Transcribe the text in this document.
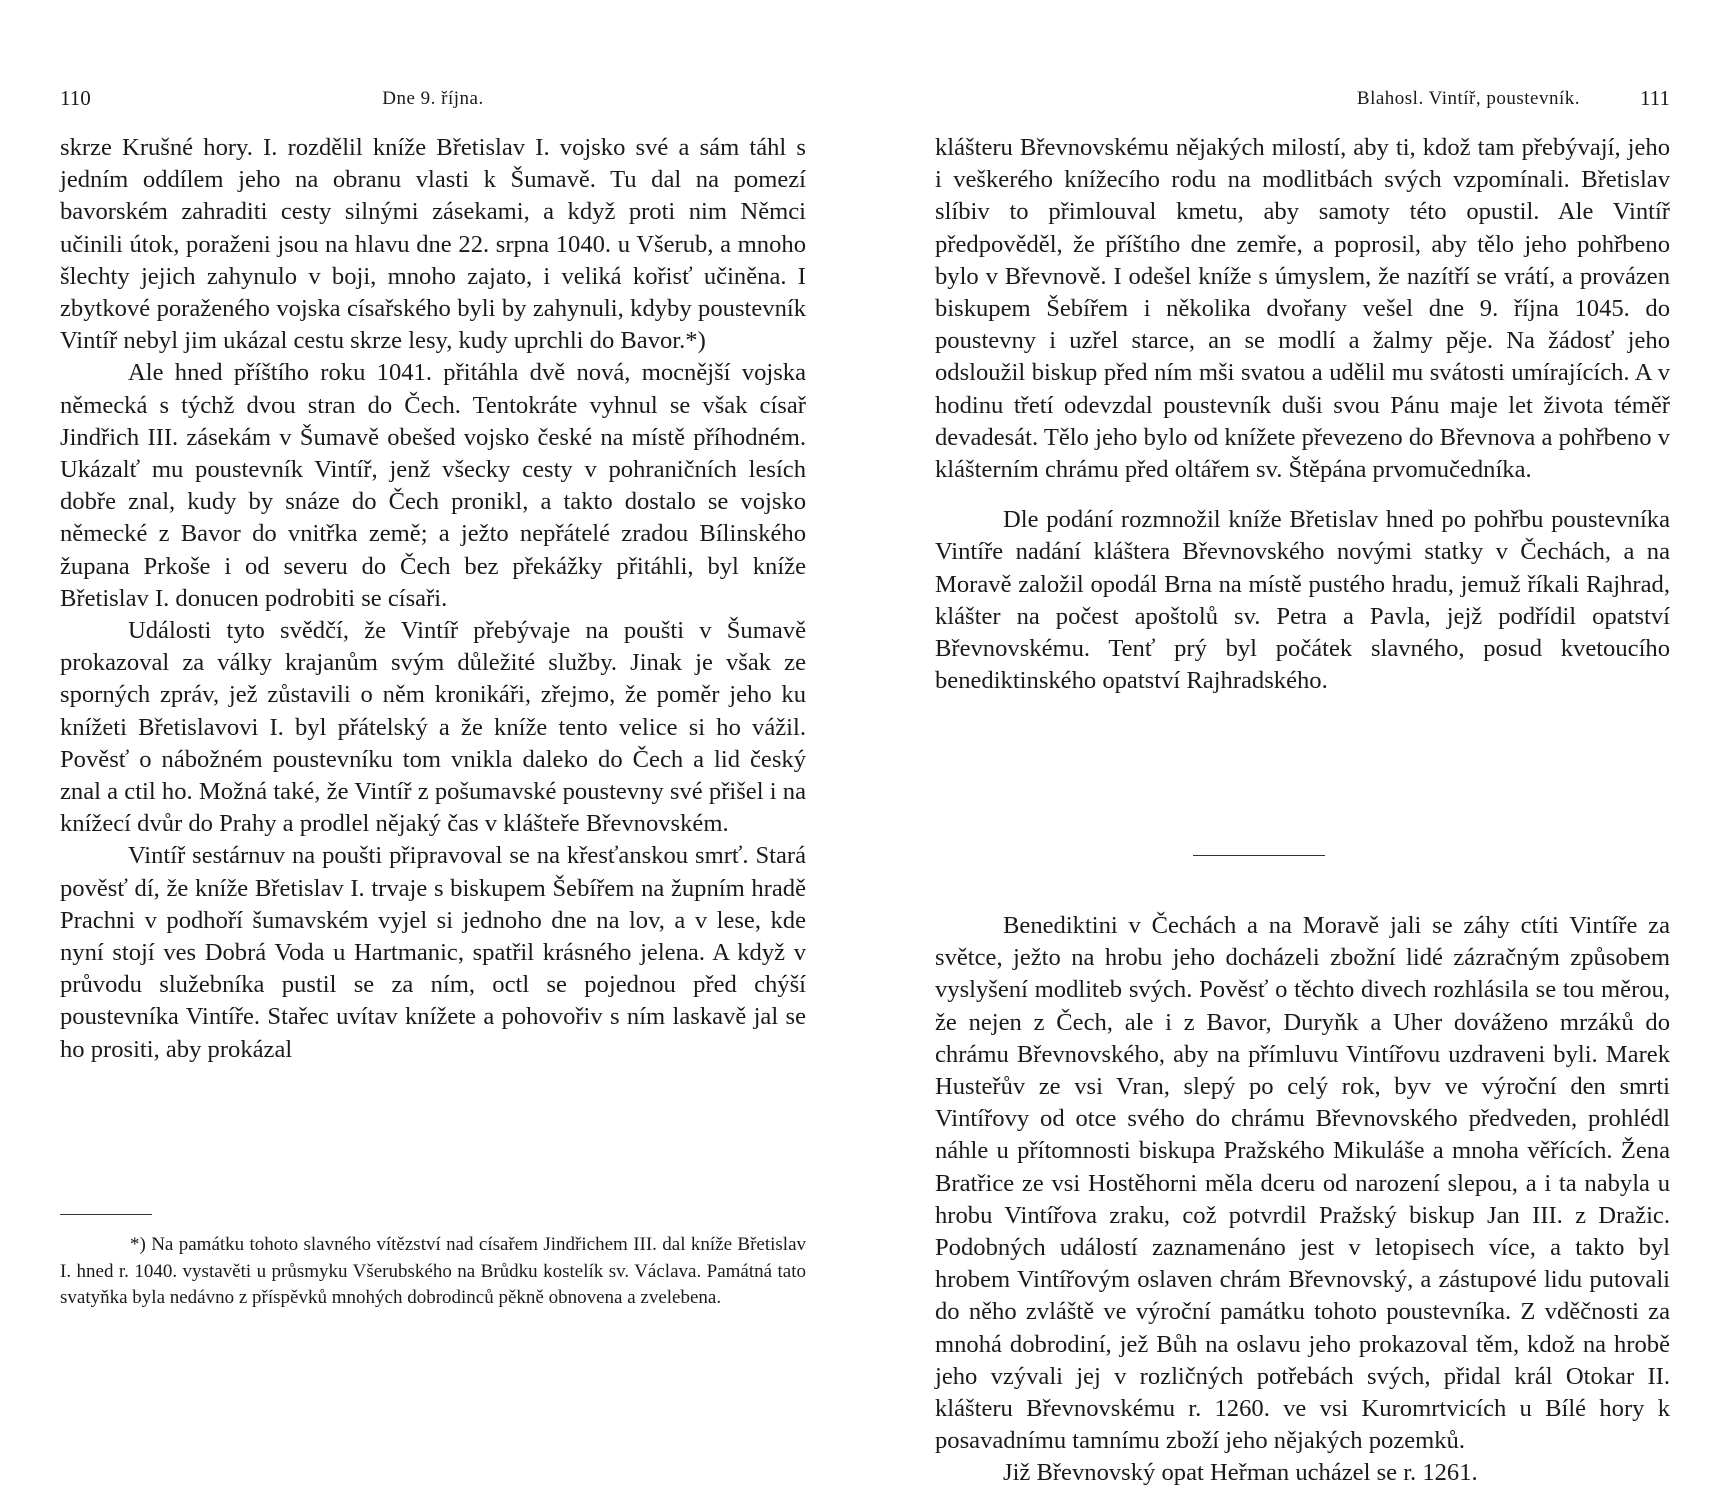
110	Dne 9. října.

skrze Krušné hory. I. rozdělil kníže Břetislav I. vojsko své a sám táhl s jedním oddílem jeho na obranu vlasti k Šumavě. Tu dal na pomezí bavorském zahraditi cesty silnými zásekami, a když proti nim Němci učinili útok, poraženi jsou na hlavu dne 22. srpna 1040. u Všerub, a mnoho šlechty jejich zahynulo v boji, mnoho zajato, i veliká kořisť učiněna. I zbytkové poraženého vojska císařského byli by zahynuli, kdyby poustevník Vintíř nebyl jim ukázal cestu skrze lesy, kudy uprchli do Bavor.*)

Ale hned příštího roku 1041. přitáhla dvě nová, mocnější vojska německá s týchž dvou stran do Čech. Tentokráte vyhnul se však císař Jindřich III. zásekám v Šumavě obešed vojsko české na místě příhodném. Ukázalť mu poustevník Vintíř, jenž všecky cesty v pohraničních lesích dobře znal, kudy by snáze do Čech pronikl, a takto dostalo se vojsko německé z Bavor do vnitřka země; a ježto nepřátelé zradou Bílinského župana Prkoše i od severu do Čech bez překážky přitáhli, byl kníže Břetislav I. donucen podrobiti se císaři.

Události tyto svědčí, že Vintíř přebývaje na poušti v Šumavě prokazoval za války krajanům svým důležité služby. Jinak je však ze sporných zpráv, jež zůstavili o něm kronikáři, zřejmo, že poměr jeho ku knížeti Břetislavovi I. byl přátelský a že kníže tento velice si ho vážil. Pověsť o nábožném poustevníku tom vnikla daleko do Čech a lid český znal a ctil ho. Možná také, že Vintíř z pošumavské poustevny své přišel i na knížecí dvůr do Prahy a prodlel nějaký čas v klášteře Břevnovském.

Vintíř sestárnuv na poušti připravoval se na křesťanskou smrť. Stará pověsť dí, že kníže Břetislav I. trvaje s biskupem Šebířem na župním hradě Prachni v podhoří šumavském vyjel si jednoho dne na lov, a v lese, kde nyní stojí ves Dobrá Voda u Hartmanic, spatřil krásného jelena. A když v průvodu služebníka pustil se za ním, octl se pojednou před chýší poustevníka Vintíře. Stařec uvítav knížete a pohovořiv s ním laskavě jal se ho prositi, aby prokázal

*) Na památku tohoto slavného vítězství nad císařem Jindřichem III. dal kníže Břetislav I. hned r. 1040. vystavěti u průsmyku Všerubského na Brůdku kostelík sv. Václava. Památná tato svatyňka byla nedávno z příspěvků mnohých dobrodinců pěkně obnovena a zvelebena.

Blahosl. Vintíř, poustevník.	111

klášteru Břevnovskému nějakých milostí, aby ti, kdož tam přebývají, jeho i veškerého knížecího rodu na modlitbách svých vzpomínali. Břetislav slíbiv to přimlouval kmetu, aby samoty této opustil. Ale Vintíř předpověděl, že příštího dne zemře, a poprosil, aby tělo jeho pohřbeno bylo v Břevnově. I odešel kníže s úmyslem, že nazítří se vrátí, a provázen biskupem Šebířem i několika dvořany vešel dne 9. října 1045. do poustevny i uzřel starce, an se modlí a žalmy pěje. Na žádosť jeho odsloužil biskup před ním mši svatou a udělil mu svátosti umírajících. A v hodinu třetí odevzdal poustevník duši svou Pánu maje let života téměř devadesát. Tělo jeho bylo od knížete převezeno do Břevnova a pohřbeno v klášterním chrámu před oltářem sv. Štěpána prvomučedníka.

Dle podání rozmnožil kníže Břetislav hned po pohřbu poustevníka Vintíře nadání kláštera Břevnovského novými statky v Čechách, a na Moravě založil opodál Brna na místě pustého hradu, jemuž říkali Rajhrad, klášter na počest apoštolů sv. Petra a Pavla, jejž podřídil opatství Břevnovskému. Tenť prý byl počátek slavného, posud kvetoucího benediktinského opatství Rajhradského.

Benediktini v Čechách a na Moravě jali se záhy ctíti Vintíře za světce, ježto na hrobu jeho docházeli zbožní lidé zázračným způsobem vyslyšení modliteb svých. Pověsť o těchto divech rozhlásila se tou měrou, že nejen z Čech, ale i z Bavor, Duryňk a Uher dováženo mrzáků do chrámu Břevnovského, aby na přímluvu Vintířovu uzdraveni byli. Marek Husteřův ze vsi Vran, slepý po celý rok, byv ve výroční den smrti Vintířovy od otce svého do chrámu Břevnovského předveden, prohlédl náhle u přítomnosti biskupa Pražského Mikuláše a mnoha věřících. Žena Bratřice ze vsi Hostěhorni měla dceru od narození slepou, a i ta nabyla u hrobu Vintířova zraku, což potvrdil Pražský biskup Jan III. z Dražic. Podobných událostí zaznamenáno jest v letopisech více, a takto byl hrobem Vintířovým oslaven chrám Břevnovský, a zástupové lidu putovali do něho zvláště ve výroční památku tohoto poustevníka. Z vděčnosti za mnohá dobrodiní, jež Bůh na oslavu jeho prokazoval těm, kdož na hrobě jeho vzývali jej v rozličných potřebách svých, přidal král Otokar II. klášteru Břevnovskému r. 1260. ve vsi Kuromrtvicích u Bílé hory k posavadnímu tamnímu zboží jeho nějakých pozemků.

Již Břevnovský opat Heřman ucházel se r. 1261.
